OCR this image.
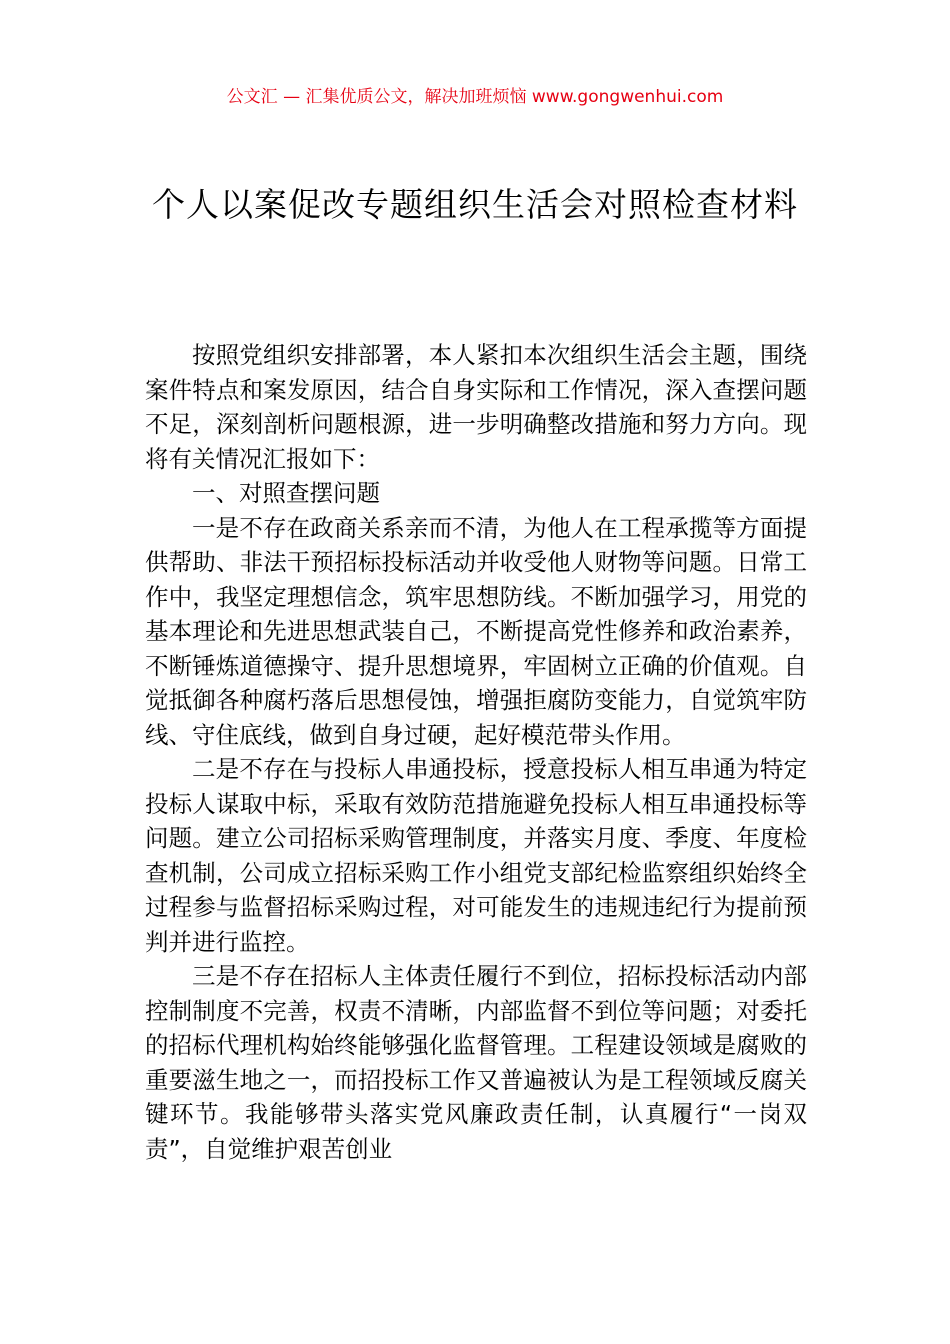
公文汇 — 汇集优质公文，解决加班烦恼 www.gongwenhui.com
个人以案促改专题组织生活会对照检查材料

按照党组织安排部署，本人紧扣本次组织生活会主题，围绕案件特点和案发原因，结合自身实际和工作情况，深入查摆问题不足，深刻剖析问题根源，进一步明确整改措施和努力方向。现将有关情况汇报如下：

一、对照查摆问题

一是不存在政商关系亲而不清，为他人在工程承揽等方面提供帮助、非法干预招标投标活动并收受他人财物等问题。日常工作中，我坚定理想信念，筑牢思想防线。不断加强学习，用党的基本理论和先进思想武装自己，不断提高党性修养和政治素养，不断锤炼道德操守、提升思想境界，牢固树立正确的价值观。自觉抵御各种腐朽落后思想侵蚀，增强拒腐防变能力，自觉筑牢防线、守住底线，做到自身过硬，起好模范带头作用。

二是不存在与投标人串通投标，授意投标人相互串通为特定投标人谋取中标，采取有效防范措施避免投标人相互串通投标等问题。建立公司招标采购管理制度，并落实月度、季度、年度检查机制，公司成立招标采购工作小组党支部纪检监察组织始终全过程参与监督招标采购过程，对可能发生的违规违纪行为提前预判并进行监控。

三是不存在招标人主体责任履行不到位，招标投标活动内部控制制度不完善，权责不清晰，内部监督不到位等问题；对委托的招标代理机构始终能够强化监督管理。工程建设领域是腐败的重要滋生地之一，而招投标工作又普遍被认为是工程领域反腐关键环节。我能够带头落实党风廉政责任制，认真履行“一岗双责”，自觉维护艰苦创业
